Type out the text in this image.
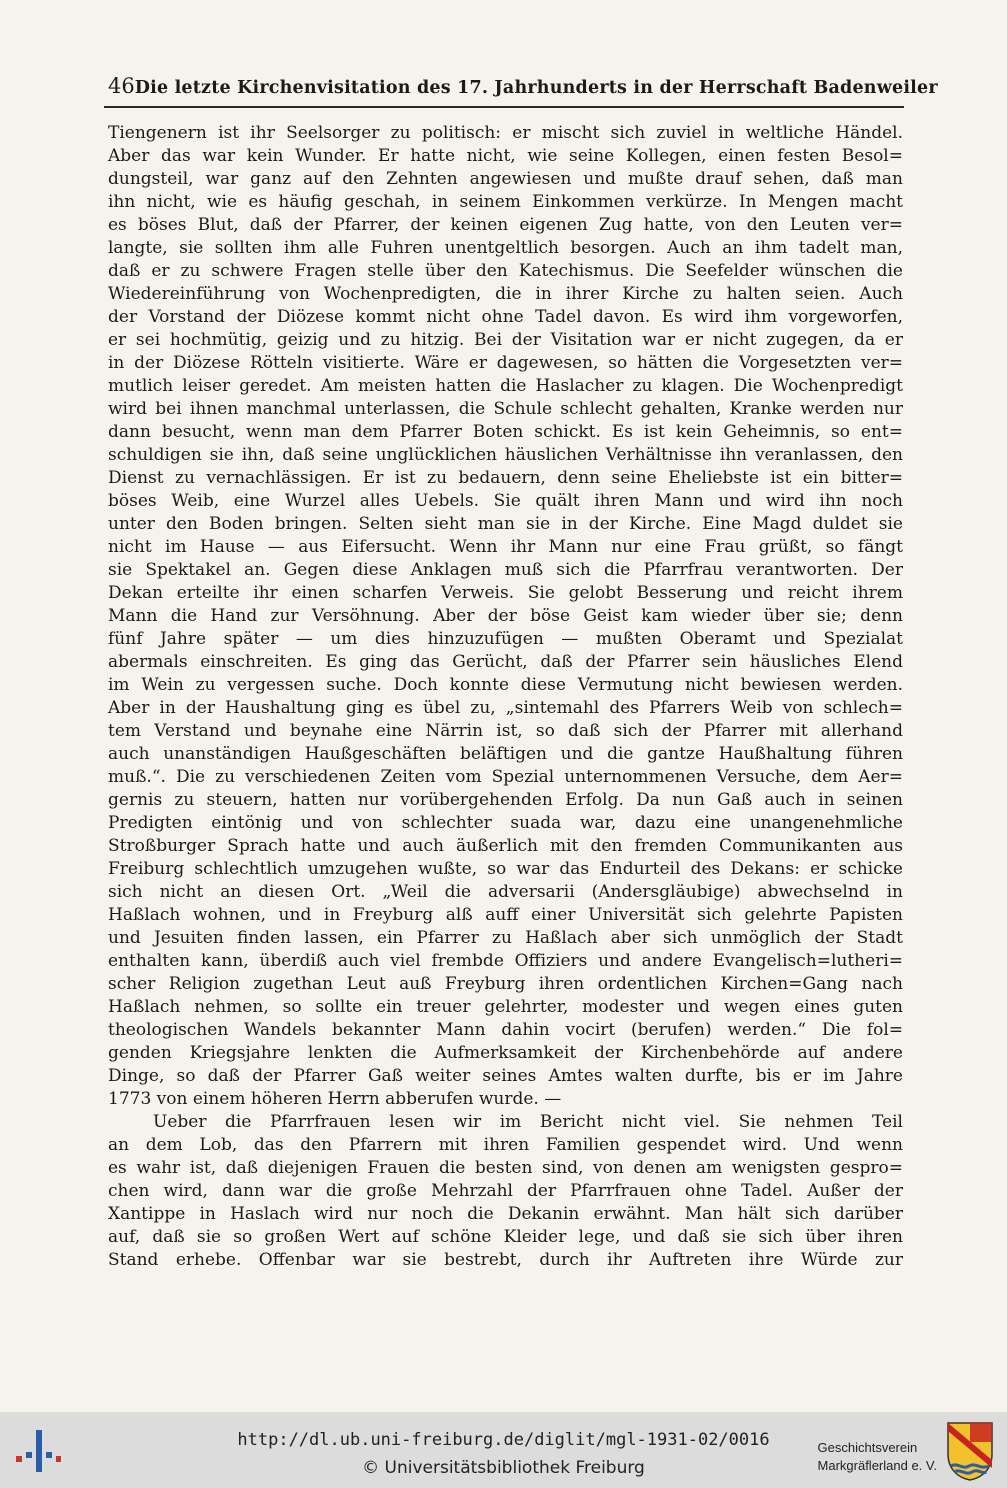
46 Die letzte Kirchenvisitation des 17. Jahrhunderts in der Herrschaft Badenweiler
Tiengenern ist ihr Seelsorger zu politisch: er mischt sich zuviel in weltliche Händel.
Aber das war kein Wunder. Er hatte nicht, wie seine Kollegen, einen festen Besol=
dungsteil, war ganz auf den Zehnten angewiesen und mußte drauf sehen, daß man
ihn nicht, wie es häufig geschah, in seinem Einkommen verkürze. In Mengen macht
es böses Blut, daß der Pfarrer, der keinen eigenen Zug hatte, von den Leuten ver=
langte, sie sollten ihm alle Fuhren unentgeltlich besorgen. Auch an ihm tadelt man,
daß er zu schwere Fragen stelle über den Katechismus. Die Seefelder wünschen die
Wiedereinführung von Wochenpredigten, die in ihrer Kirche zu halten seien. Auch
der Vorstand der Diözese kommt nicht ohne Tadel davon. Es wird ihm vorgeworfen,
er sei hochmütig, geizig und zu hitzig. Bei der Visitation war er nicht zugegen, da er
in der Diözese Rötteln visitierte. Wäre er dagewesen, so hätten die Vorgesetzten ver=
mutlich leiser geredet. Am meisten hatten die Haslacher zu klagen. Die Wochenpredigt
wird bei ihnen manchmal unterlassen, die Schule schlecht gehalten, Kranke werden nur
dann besucht, wenn man dem Pfarrer Boten schickt. Es ist kein Geheimnis, so ent=
schuldigen sie ihn, daß seine unglücklichen häuslichen Verhältnisse ihn veranlassen, den
Dienst zu vernachlässigen. Er ist zu bedauern, denn seine Eheliebste ist ein bitter=
böses Weib, eine Wurzel alles Uebels. Sie quält ihren Mann und wird ihn noch
unter den Boden bringen. Selten sieht man sie in der Kirche. Eine Magd duldet sie
nicht im Hause — aus Eifersucht. Wenn ihr Mann nur eine Frau grüßt, so fängt
sie Spektakel an. Gegen diese Anklagen muß sich die Pfarrfrau verantworten. Der
Dekan erteilte ihr einen scharfen Verweis. Sie gelobt Besserung und reicht ihrem
Mann die Hand zur Versöhnung. Aber der böse Geist kam wieder über sie; denn
fünf Jahre später — um dies hinzuzufügen — mußten Oberamt und Spezialat
abermals einschreiten. Es ging das Gerücht, daß der Pfarrer sein häusliches Elend
im Wein zu vergessen suche. Doch konnte diese Vermutung nicht bewiesen werden.
Aber in der Haushaltung ging es übel zu, „sintemahl des Pfarrers Weib von schlech=
tem Verstand und beynahe eine Närrin ist, so daß sich der Pfarrer mit allerhand
auch unanständigen Haußgeschäften beläftigen und die gantze Haußhaltung führen
muß.“. Die zu verschiedenen Zeiten vom Spezial unternommenen Versuche, dem Aer=
gernis zu steuern, hatten nur vorübergehenden Erfolg. Da nun Gaß auch in seinen
Predigten eintönig und von schlechter suada war, dazu eine unangenehmliche
Stroßburger Sprach hatte und auch äußerlich mit den fremden Communikanten aus
Freiburg schlechtlich umzugehen wußte, so war das Endurteil des Dekans: er schicke
sich nicht an diesen Ort. „Weil die adversarii (Andersgläubige) abwechselnd in
Haßlach wohnen, und in Freyburg alß auff einer Universität sich gelehrte Papisten
und Jesuiten finden lassen, ein Pfarrer zu Haßlach aber sich unmöglich der Stadt
enthalten kann, überdiß auch viel frembde Offiziers und andere Evangelisch=lutheri=
scher Religion zugethan Leut auß Freyburg ihren ordentlichen Kirchen=Gang nach
Haßlach nehmen, so sollte ein treuer gelehrter, modester und wegen eines guten
theologischen Wandels bekannter Mann dahin vocirt (berufen) werden.“ Die fol=
genden Kriegsjahre lenkten die Aufmerksamkeit der Kirchenbehörde auf andere
Dinge, so daß der Pfarrer Gaß weiter seines Amtes walten durfte, bis er im Jahre
1773 von einem höheren Herrn abberufen wurde. —
Ueber die Pfarrfrauen lesen wir im Bericht nicht viel. Sie nehmen Teil
an dem Lob, das den Pfarrern mit ihren Familien gespendet wird. Und wenn
es wahr ist, daß diejenigen Frauen die besten sind, von denen am wenigsten gespro=
chen wird, dann war die große Mehrzahl der Pfarrfrauen ohne Tadel. Außer der
Xantippe in Haslach wird nur noch die Dekanin erwähnt. Man hält sich darüber
auf, daß sie so großen Wert auf schöne Kleider lege, und daß sie sich über ihren
Stand erhebe. Offenbar war sie bestrebt, durch ihr Auftreten ihre Würde zur
http://dl.ub.uni-freiburg.de/diglit/mgl-1931-02/0016
© Universitätsbibliothek Freiburg
Geschichtsverein
Markgräflerland e. V.
